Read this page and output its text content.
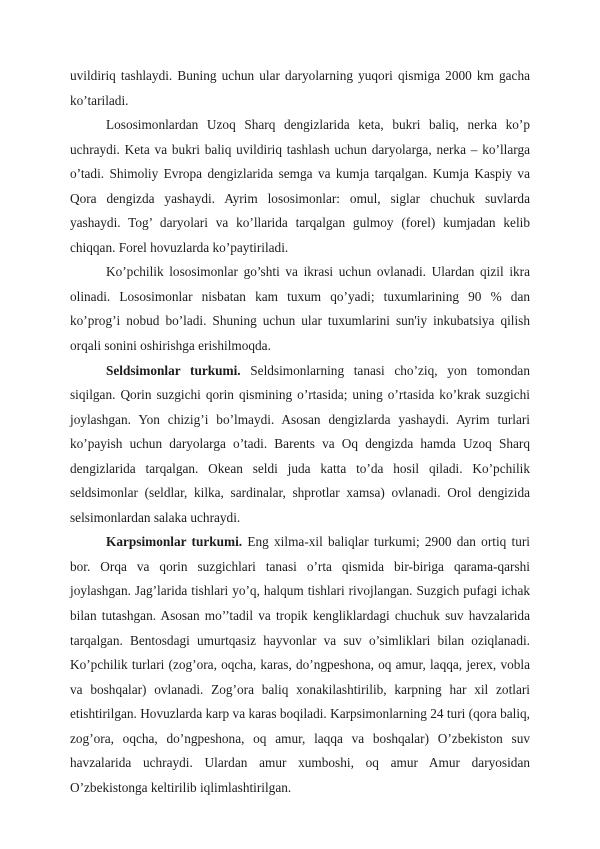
uvildiriq tashlaydi. Buning uchun ular daryolarning yuqori qismiga 2000 km gacha ko’tariladi.

Lososimonlardan Uzoq Sharq dengizlarida keta, bukri baliq, nerka ko’p uchraydi. Keta va bukri baliq uvildiriq tashlash uchun daryolarga, nerka – ko’llarga o’tadi. Shimoliy Evropa dengizlarida semga va kumja tarqalgan. Kumja Kaspiy va Qora dengizda yashaydi. Ayrim lososimonlar: omul, siglar chuchuk suvlarda yashaydi. Tog’ daryolari va ko’llarida tarqalgan gulmoy (forel) kumjadan kelib chiqqan. Forel hovuzlarda ko’paytiriladi.

Ko’pchilik lososimonlar go’shti va ikrasi uchun ovlanadi. Ulardan qizil ikra olinadi. Lososimonlar nisbatan kam tuxum qo’yadi; tuxumlarining 90 % dan ko’prog’i nobud bo’ladi. Shuning uchun ular tuxumlarini sun'iy inkubatsiya qilish orqali sonini oshirishga erishilmoqda.

Seldsimonlar turkumi. Seldsimonlarning tanasi cho’ziq, yon tomondan siqilgan. Qorin suzgichi qorin qismining o’rtasida; uning o’rtasida ko’krak suzgichi joylashgan. Yon chizig’i bo’lmaydi. Asosan dengizlarda yashaydi. Ayrim turlari ko’payish uchun daryolarga o’tadi. Barents va Oq dengizda hamda Uzoq Sharq dengizlarida tarqalgan. Okean seldi juda katta to’da hosil qiladi. Ko’pchilik seldsimonlar (seldlar, kilka, sardinalar, shprotlar xamsa) ovlanadi. Orol dengizida selsimonlardan salaka uchraydi.

Karpsimonlar turkumi. Eng xilma-xil baliqlar turkumi; 2900 dan ortiq turi bor. Orqa va qorin suzgichlari tanasi o’rta qismida bir-biriga qarama-qarshi joylashgan. Jag’larida tishlari yo’q, halqum tishlari rivojlangan. Suzgich pufagi ichak bilan tutashgan. Asosan mo’’tadil va tropik kengliklardagi chuchuk suv havzalarida tarqalgan. Bentosdagi umurtqasiz hayvonlar va suv o’simliklari bilan oziqlanadi. Ko’pchilik turlari (zog’ora, oqcha, karas, do’ngpeshona, oq amur, laqqa, jerex, vobla va boshqalar) ovlanadi. Zog’ora baliq xonakilashtirilib, karpning har xil zotlari etishtirilgan. Hovuzlarda karp va karas boqiladi. Karpsimonlarning 24 turi (qora baliq, zog’ora, oqcha, do’ngpeshona, oq amur, laqqa va boshqalar) O’zbekiston suv havzalarida uchraydi. Ulardan amur xumboshi, oq amur Amur daryosidan O’zbekistonga keltirilib iqlimlashtirilgan.
